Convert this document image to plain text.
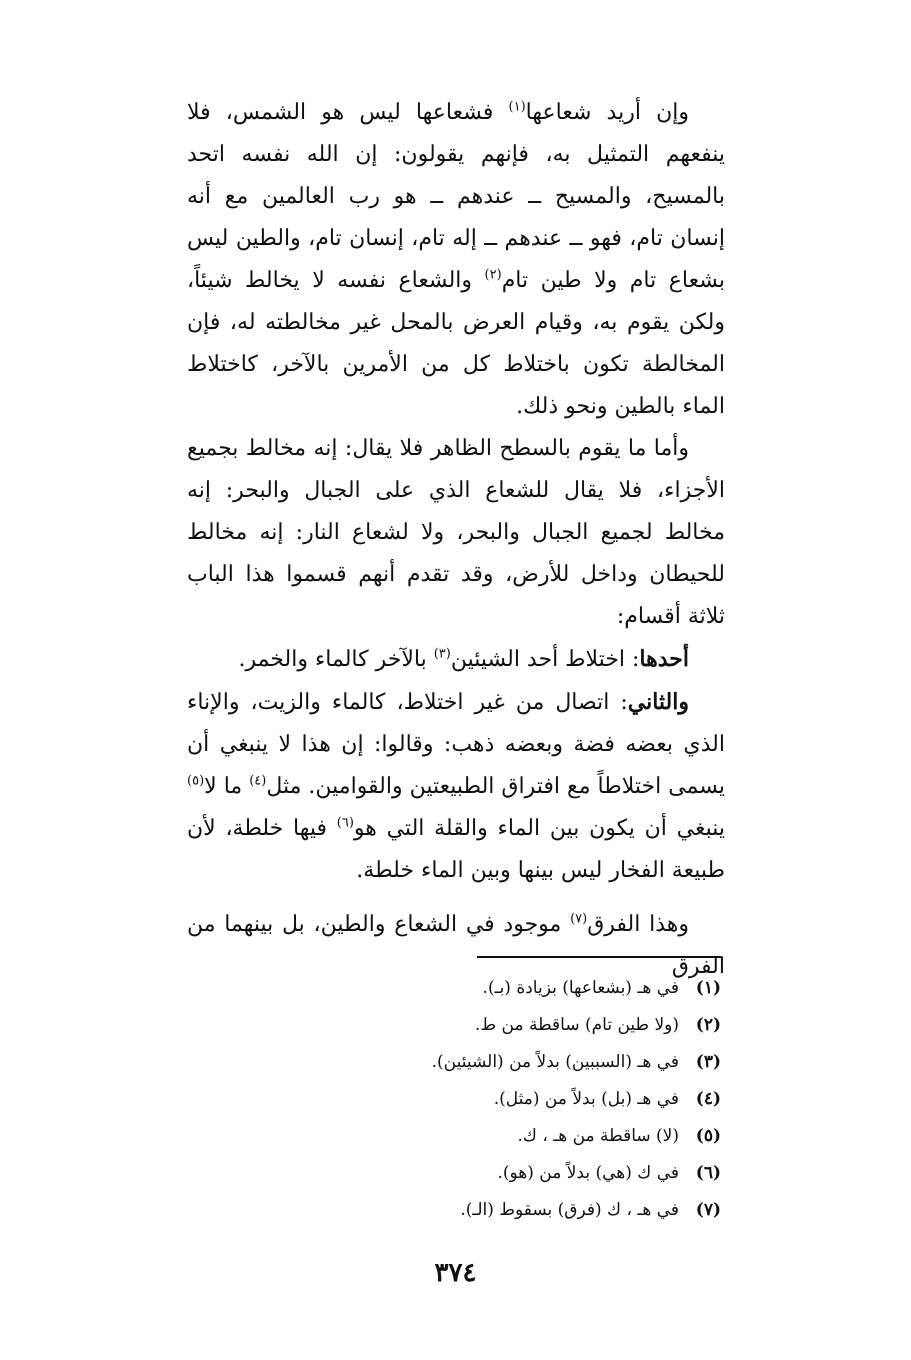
وإن أريد شعاعها$^{(١)}$ فشعاعها ليس هو الشمس، فلا ينفعهم التمثيل به، فإنهم يقولون: إن الله نفسه اتحد بالمسيح، والمسيح ــ عندهم ــ هو رب العالمين مع أنه إنسان تام، فهو ــ عندهم ــ إله تام، إنسان تام، والطين ليس بشعاع تام ولا طين تام$^{(٢)}$ والشعاع نفسه لا يخالط شيئاً، ولكن يقوم به، وقيام العرض بالمحل غير مخالطته له، فإن المخالطة تكون باختلاط كل من الأمرين بالآخر، كاختلاط الماء بالطين ونحو ذلك.

وأما ما يقوم بالسطح الظاهر فلا يقال: إنه مخالط بجميع الأجزاء، فلا يقال للشعاع الذي على الجبال والبحر: إنه مخالط لجميع الجبال والبحر، ولا لشعاع النار: إنه مخالط للحيطان وداخل للأرض، وقد تقدم أنهم قسموا هذا الباب ثلاثة أقسام:

أحدها: اختلاط أحد الشيئين$^{(٣)}$ بالآخر كالماء والخمر.

والثاني: اتصال من غير اختلاط، كالماء والزيت، والإناء الذي بعضه فضة وبعضه ذهب: وقالوا: إن هذا لا ينبغي أن يسمى اختلاطاً مع افتراق الطبيعتين والقوامين. مثل$^{(٤)}$ ما لا$^{(٥)}$ ينبغي أن يكون بين الماء والقلة التي هو$^{(٦)}$ فيها خلطة، لأن طبيعة الفخار ليس بينها وبين الماء خلطة.

وهذا الفرق$^{(٧)}$ موجود في الشعاع والطين، بل بينهما من الفرق

(١)
في هـ (بشعاعها) بزيادة (بـ).
(٢)
(ولا طين تام) ساقطة من ط.
(٣)
في هـ (السببين) بدلاً من (الشيئين).
(٤)
في هـ (بل) بدلاً من (مثل).
(٥)
(لا) ساقطة من هـ ، ك.
(٦)
في ك (هي) بدلاً من (هو).
(٧)
في هـ ، ك (فرق) بسقوط (الـ).
٣٧٤
